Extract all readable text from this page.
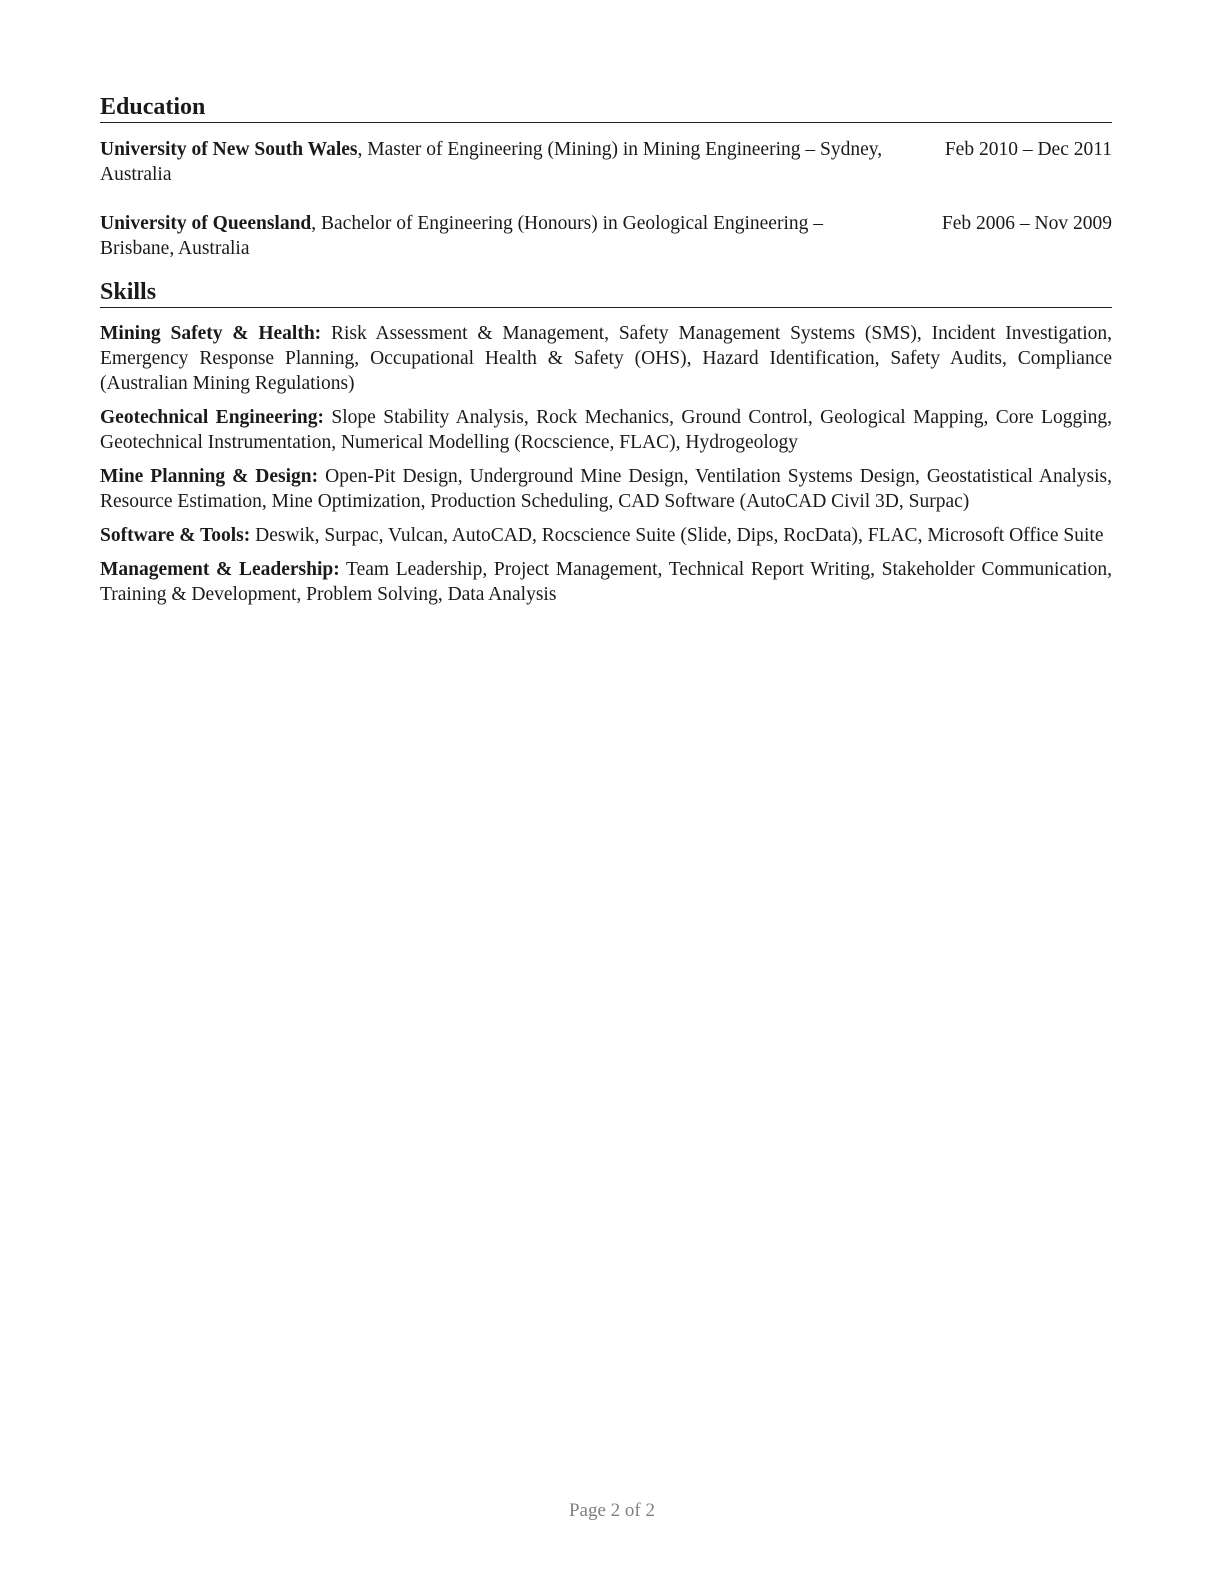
Education
University of New South Wales, Master of Engineering (Mining) in Mining Engineering – Sydney, Australia
Feb 2010 – Dec 2011
University of Queensland, Bachelor of Engineering (Honours) in Geological Engineering – Brisbane, Australia
Feb 2006 – Nov 2009
Skills
Mining Safety & Health: Risk Assessment & Management, Safety Management Systems (SMS), Incident Investigation, Emergency Response Planning, Occupational Health & Safety (OHS), Hazard Identification, Safety Audits, Compliance (Australian Mining Regulations)
Geotechnical Engineering: Slope Stability Analysis, Rock Mechanics, Ground Control, Geological Mapping, Core Logging, Geotechnical Instrumentation, Numerical Modelling (Rocscience, FLAC), Hydrogeology
Mine Planning & Design: Open-Pit Design, Underground Mine Design, Ventilation Systems Design, Geostatistical Analysis, Resource Estimation, Mine Optimization, Production Scheduling, CAD Software (AutoCAD Civil 3D, Surpac)
Software & Tools: Deswik, Surpac, Vulcan, AutoCAD, Rocscience Suite (Slide, Dips, RocData), FLAC, Microsoft Office Suite
Management & Leadership: Team Leadership, Project Management, Technical Report Writing, Stakeholder Communication, Training & Development, Problem Solving, Data Analysis
Page 2 of 2
